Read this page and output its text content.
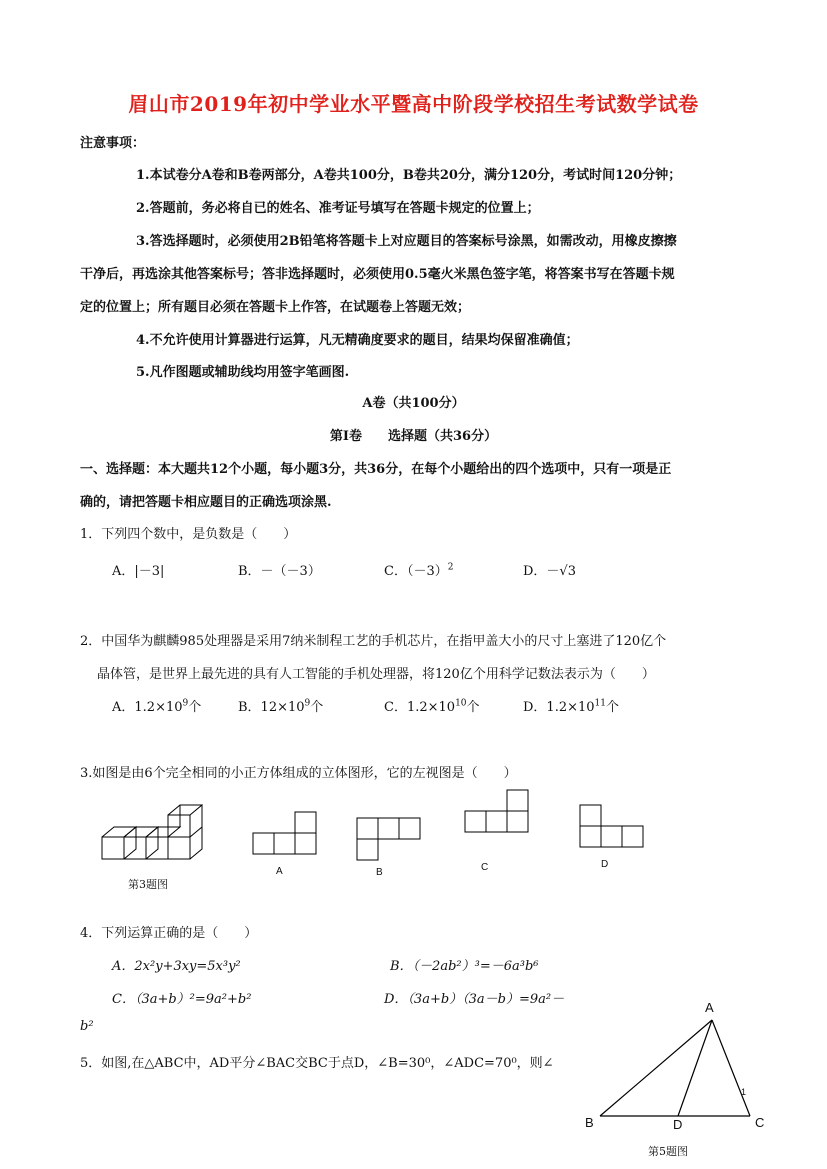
眉山市2019年初中学业水平暨高中阶段学校招生考试数学试卷
注意事项：
1.本试卷分A卷和B卷两部分，A卷共100分，B卷共20分，满分120分，考试时间120分钟；
2.答题前，务必将自已的姓名、准考证号填写在答题卡规定的位置上；
3.答选择题时，必须使用2B铅笔将答题卡上对应题目的答案标号涂黑，如需改动，用橡皮擦擦
干净后，再选涂其他答案标号；答非选择题时，必须使用0.5毫火米黑色签字笔，将答案书写在答题卡规
定的位置上；所有题目必须在答题卡上作答，在试题卷上答题无效；
4.不允许使用计算器进行运算，凡无精确度要求的题目，结果均保留准确值；
5.凡作图题或辅助线均用签字笔画图.
A卷（共100分）
第Ⅰ卷　　选择题（共36分）
一、选择题：本大题共12个小题，每小题3分，共36分，在每个小题给出的四个选项中，只有一项是正
确的，请把答题卡相应题目的正确选项涂黑.
1．下列四个数中，是负数是（　　）
A．|－3|	B．－（－3）	C．$(-3)^2$	D．－√3
2．中国华为麒麟985处理器是采用7纳米制程工艺的手机芯片，在指甲盖大小的尺寸上塞进了120亿个
晶体管，是世界上最先进的具有人工智能的手机处理器，将120亿个用科学记数法表示为（　　）
A．$1.2\times 10^9$个	B．$12\times 10^9$个	C．$1.2\times 10^{10}$个	D．$1.2\times 10^{11}$个
3.如图是由6个完全相同的小正方体组成的立体图形，它的左视图是（　　）
第3题图
A	B	C	D
4．下列运算正确的是（　　）
A．2x²y+3xy=5x³y²	B．（－2ab²）³=－6a³b⁶
C．（3a+b）²=9a²+b²	D．（3a+b）（3a－b）=9a²－
b²
5．如图,在△ABC中，AD平分∠BAC交BC于点D，∠B=30⁰，∠ADC=70⁰，则∠
A
B	C
D
1
第5题图
